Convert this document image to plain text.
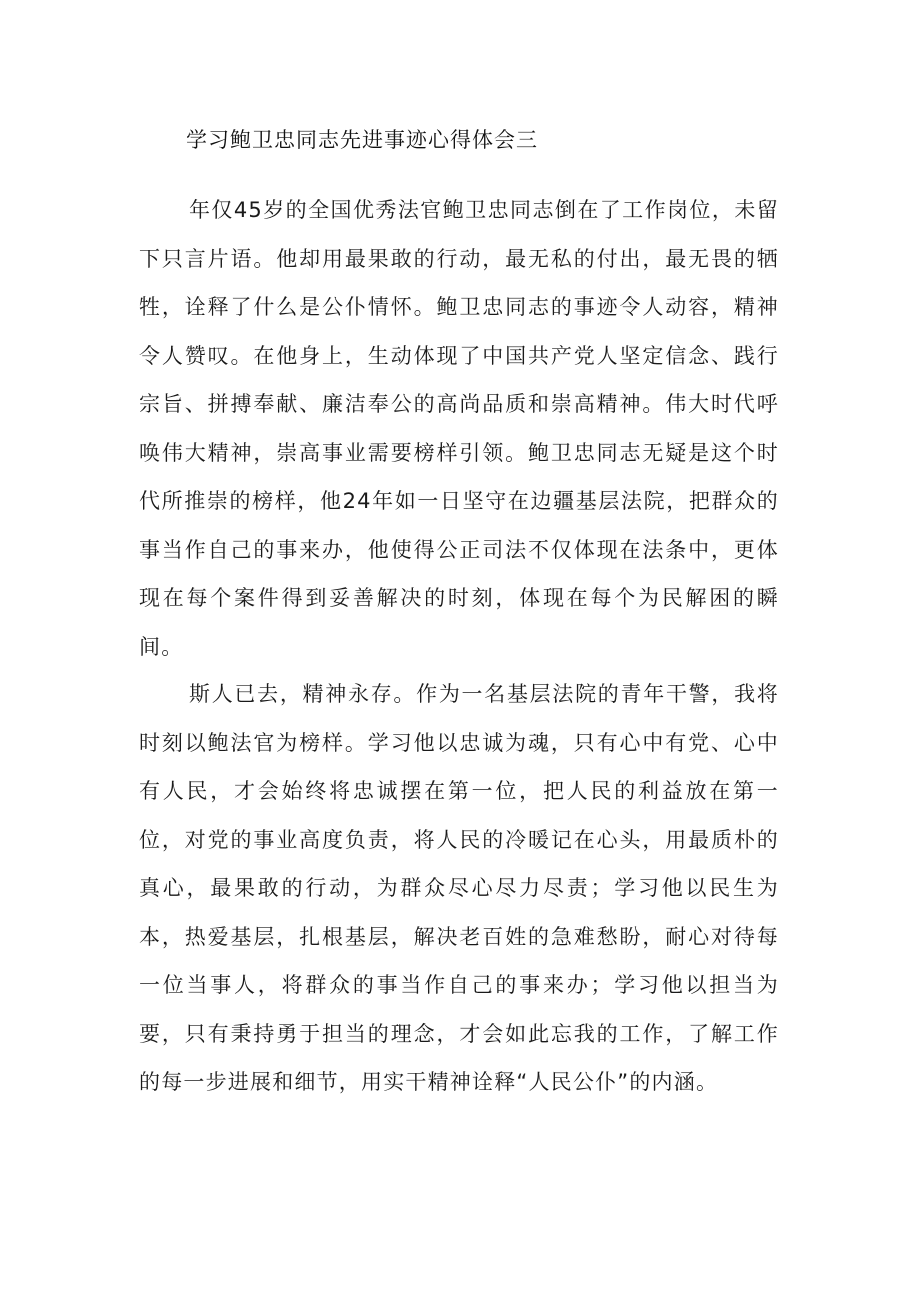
学习鲍卫忠同志先进事迹心得体会三

年仅45岁的全国优秀法官鲍卫忠同志倒在了工作岗位，未留下只言片语。他却用最果敢的行动，最无私的付出，最无畏的牺牲，诠释了什么是公仆情怀。鲍卫忠同志的事迹令人动容，精神令人赞叹。在他身上，生动体现了中国共产党人坚定信念、践行宗旨、拼搏奉献、廉洁奉公的高尚品质和崇高精神。伟大时代呼唤伟大精神，崇高事业需要榜样引领。鲍卫忠同志无疑是这个时代所推崇的榜样，他24年如一日坚守在边疆基层法院，把群众的事当作自己的事来办，他使得公正司法不仅体现在法条中，更体现在每个案件得到妥善解决的时刻，体现在每个为民解困的瞬间。

斯人已去，精神永存。作为一名基层法院的青年干警，我将时刻以鲍法官为榜样。学习他以忠诚为魂，只有心中有党、心中有人民，才会始终将忠诚摆在第一位，把人民的利益放在第一位，对党的事业高度负责，将人民的冷暖记在心头，用最质朴的真心，最果敢的行动，为群众尽心尽力尽责；学习他以民生为本，热爱基层，扎根基层，解决老百姓的急难愁盼，耐心对待每一位当事人，将群众的事当作自己的事来办；学习他以担当为要，只有秉持勇于担当的理念，才会如此忘我的工作，了解工作的每一步进展和细节，用实干精神诠释“人民公仆”的内涵。
